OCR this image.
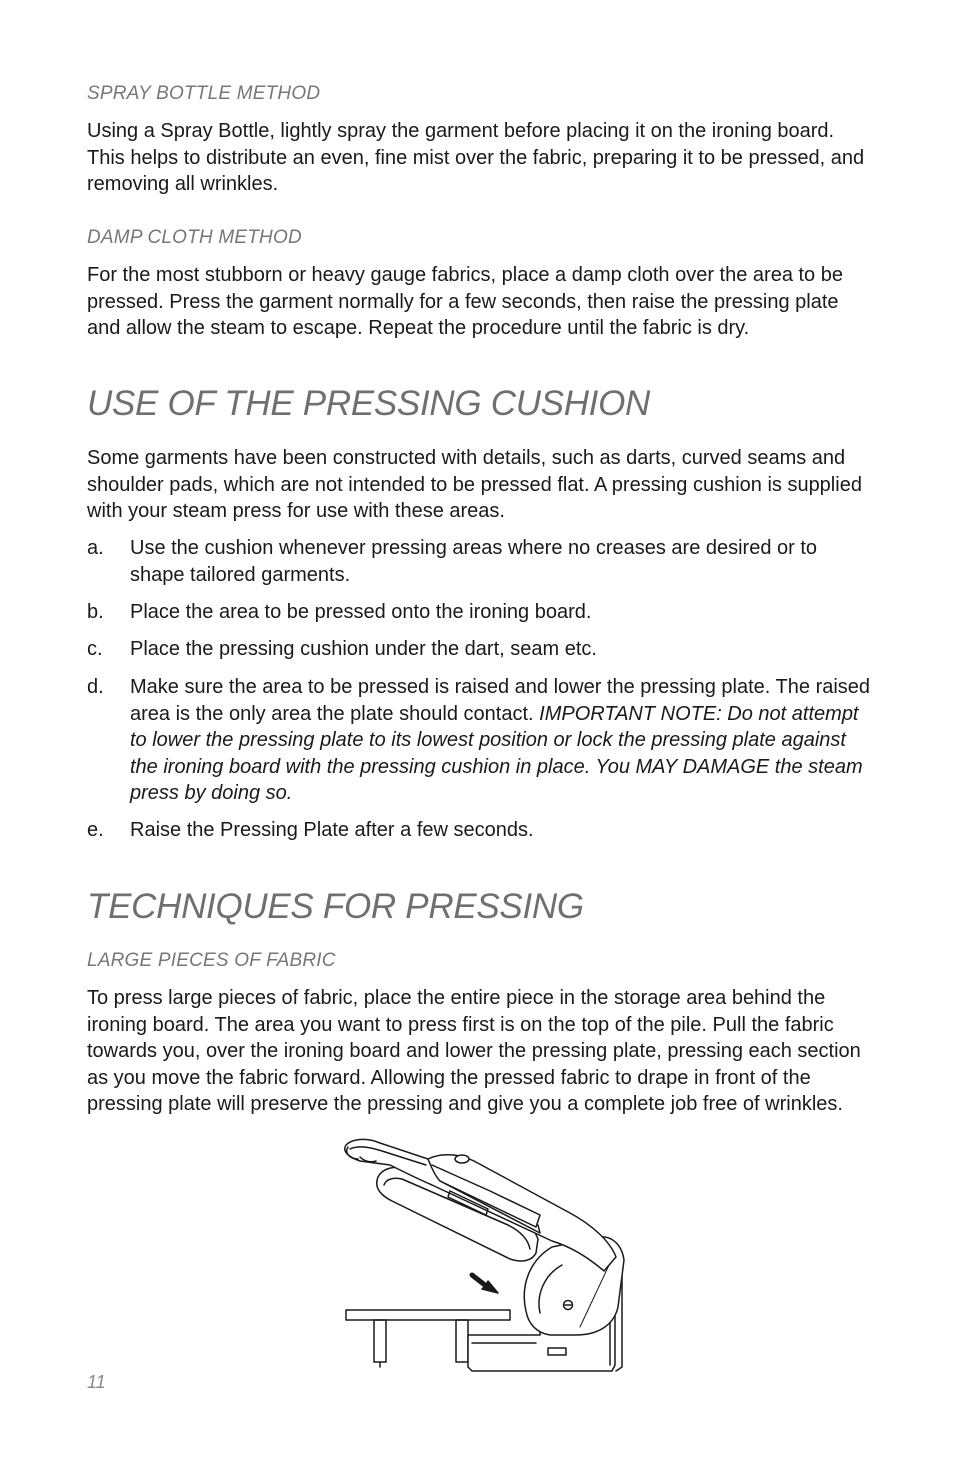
SPRAY BOTTLE METHOD

Using a Spray Bottle, lightly spray the garment before placing it on the ironing board. This helps to distribute an even, fine mist over the fabric, preparing it to be pressed, and removing all wrinkles.

DAMP CLOTH METHOD

For the most stubborn or heavy gauge fabrics, place a damp cloth over the area to be pressed. Press the garment normally for a few seconds, then raise the pressing plate and allow the steam to escape. Repeat the procedure until the fabric is dry.

USE OF THE PRESSING CUSHION

Some garments have been constructed with details, such as darts, curved seams and shoulder pads, which are not intended to be pressed flat. A pressing cushion is supplied with your steam press for use with these areas.

a. Use the cushion whenever pressing areas where no creases are desired or to shape tailored garments.
b. Place the area to be pressed onto the ironing board.
c. Place the pressing cushion under the dart, seam etc.
d. Make sure the area to be pressed is raised and lower the pressing plate. The raised area is the only area the plate should contact. IMPORTANT NOTE: Do not attempt to lower the pressing plate to its lowest position or lock the pressing plate against the ironing board with the pressing cushion in place. You MAY DAMAGE the steam press by doing so.
e. Raise the Pressing Plate after a few seconds.
TECHNIQUES FOR PRESSING
LARGE PIECES OF FABRIC

To press large pieces of fabric, place the entire piece in the storage area behind the ironing board. The area you want to press first is on the top of the pile. Pull the fabric towards you, over the ironing board and lower the pressing plate, pressing each section as you move the fabric forward. Allowing the pressed fabric to drape in front of the pressing plate will preserve the pressing and give you a complete job free of wrinkles.

11
